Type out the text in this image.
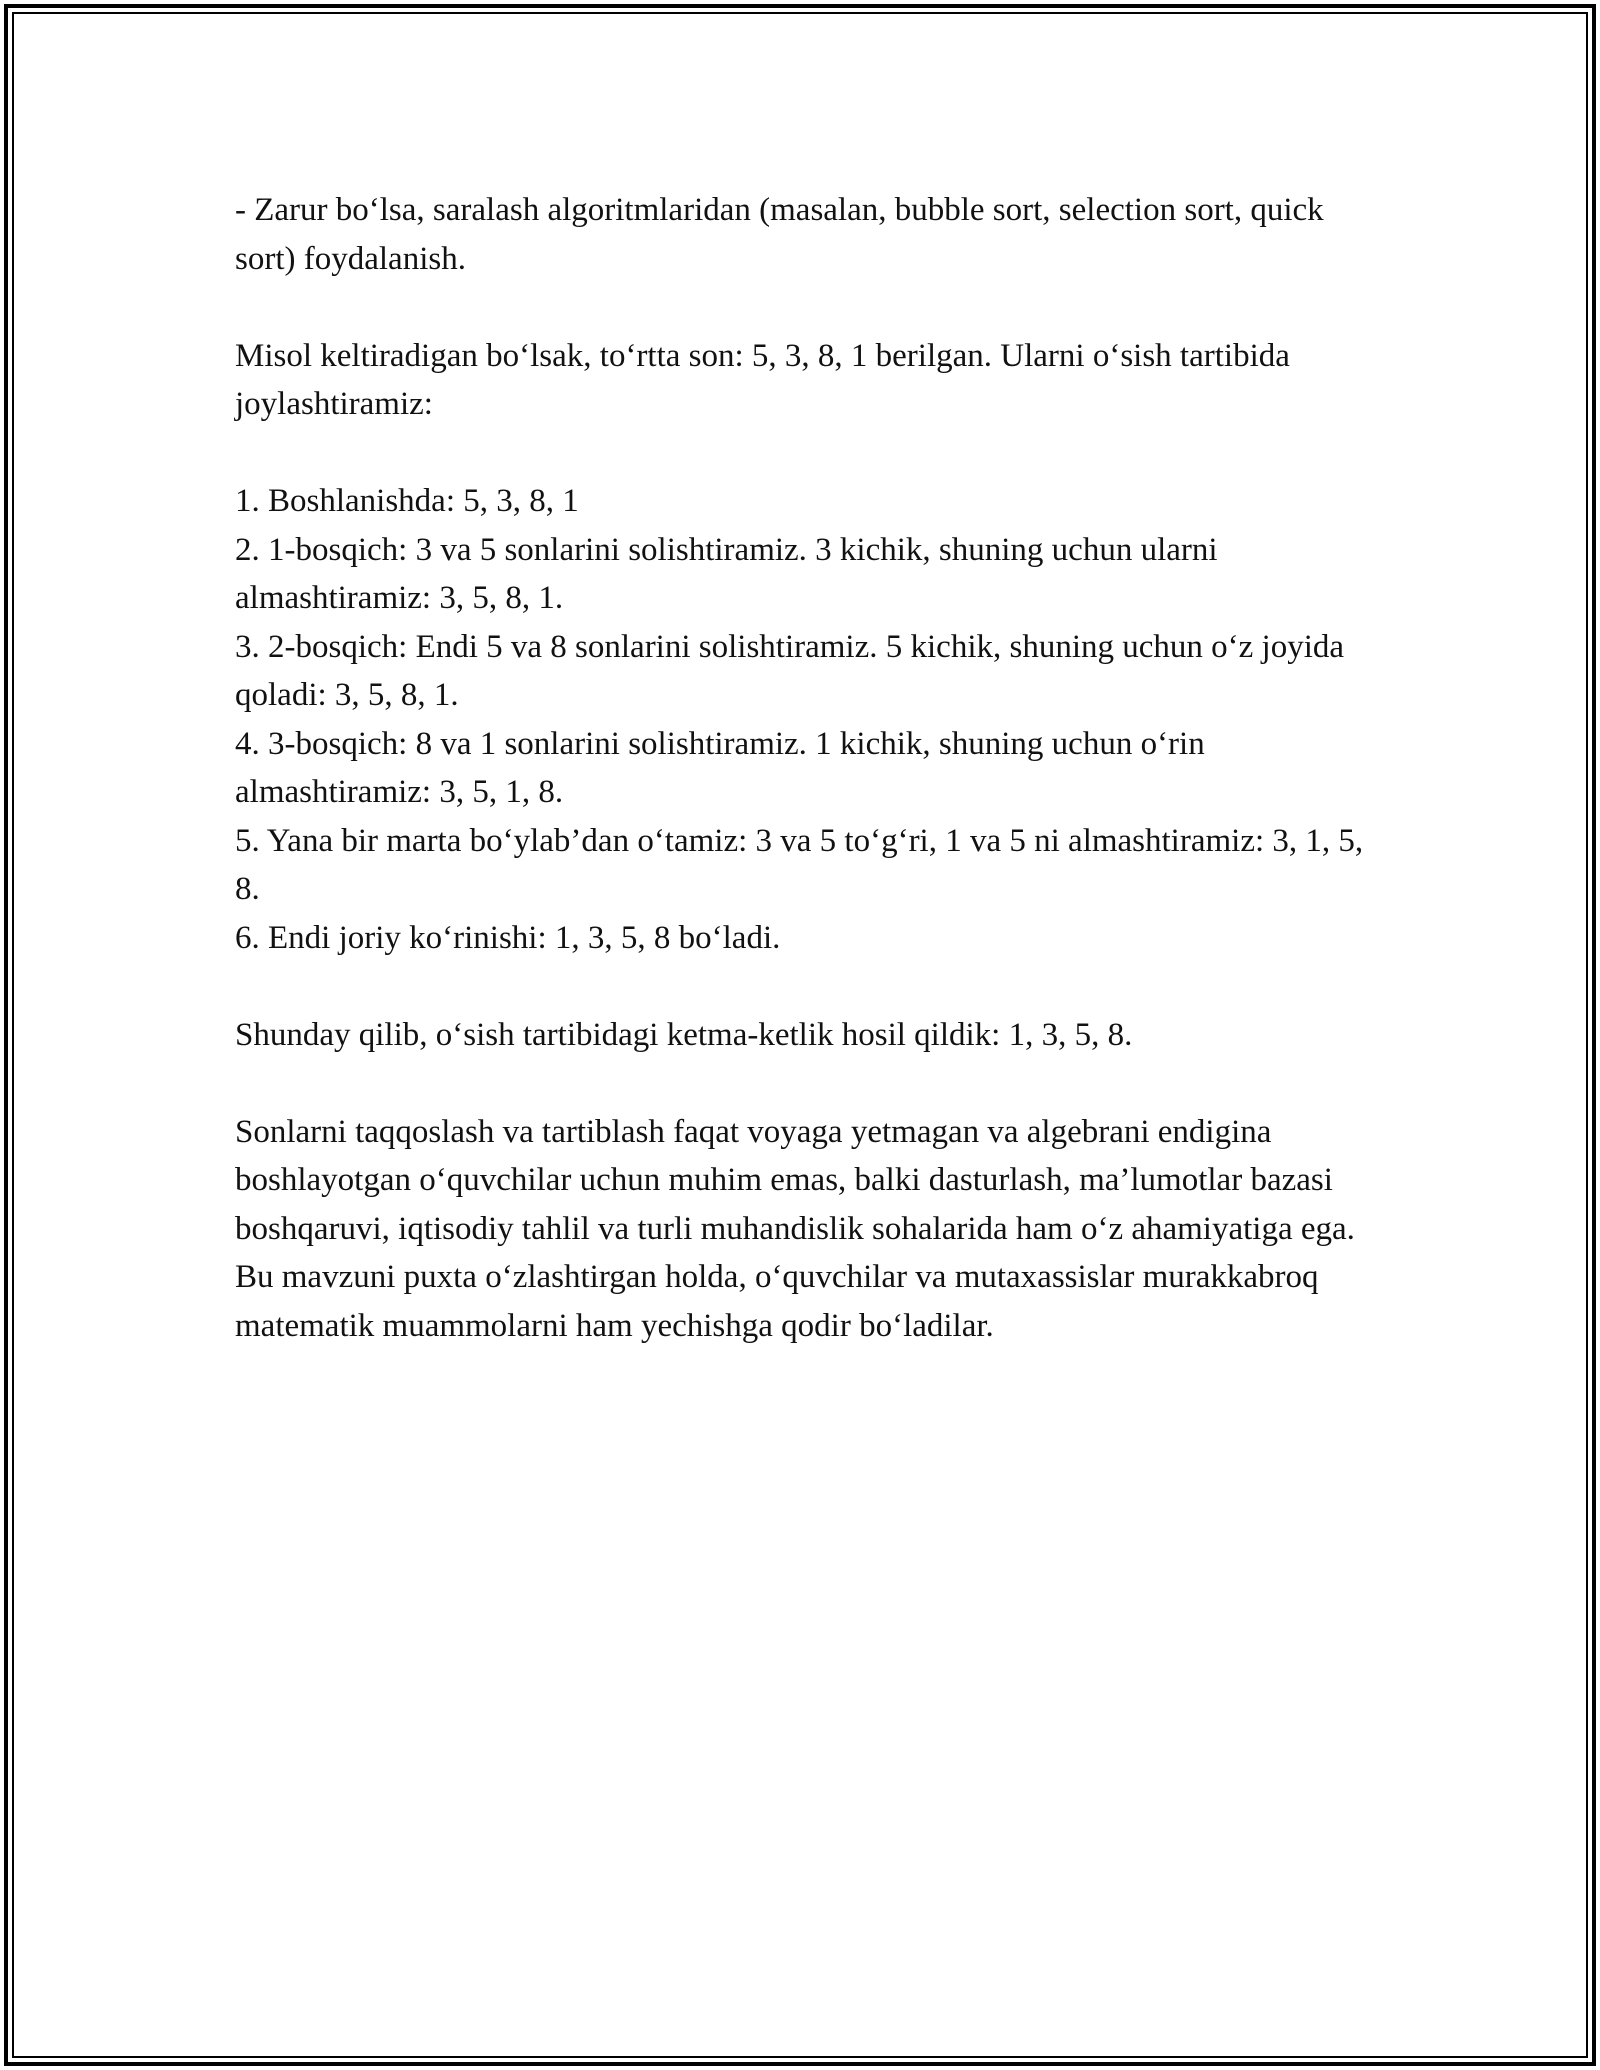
- Zarur bo‘lsa, saralash algoritmlaridan (masalan, bubble sort, selection sort, quick sort) foydalanish.

Misol keltiradigan bo‘lsak, to‘rtta son: 5, 3, 8, 1 berilgan. Ularni o‘sish tartibida joylashtiramiz:

1. Boshlanishda: 5, 3, 8, 1
2. 1-bosqich: 3 va 5 sonlarini solishtiramiz. 3 kichik, shuning uchun ularni almashtiramiz: 3, 5, 8, 1.
3. 2-bosqich: Endi 5 va 8 sonlarini solishtiramiz. 5 kichik, shuning uchun o‘z joyida qoladi: 3, 5, 8, 1.
4. 3-bosqich: 8 va 1 sonlarini solishtiramiz. 1 kichik, shuning uchun o‘rin almashtiramiz: 3, 5, 1, 8.
5. Yana bir marta bo‘ylab’dan o‘tamiz: 3 va 5 to‘g‘ri, 1 va 5 ni almashtiramiz: 3, 1, 5, 8.
6. Endi joriy ko‘rinishi: 1, 3, 5, 8 bo‘ladi.

Shunday qilib, o‘sish tartibidagi ketma-ketlik hosil qildik: 1, 3, 5, 8.

Sonlarni taqqoslash va tartiblash faqat voyaga yetmagan va algebrani endigina boshlayotgan o‘quvchilar uchun muhim emas, balki dasturlash, ma’lumotlar bazasi boshqaruvi, iqtisodiy tahlil va turli muhandislik sohalarida ham o‘z ahamiyatiga ega. Bu mavzuni puxta o‘zlashtirgan holda, o‘quvchilar va mutaxassislar murakkabroq matematik muammolarni ham yechishga qodir bo‘ladilar.
